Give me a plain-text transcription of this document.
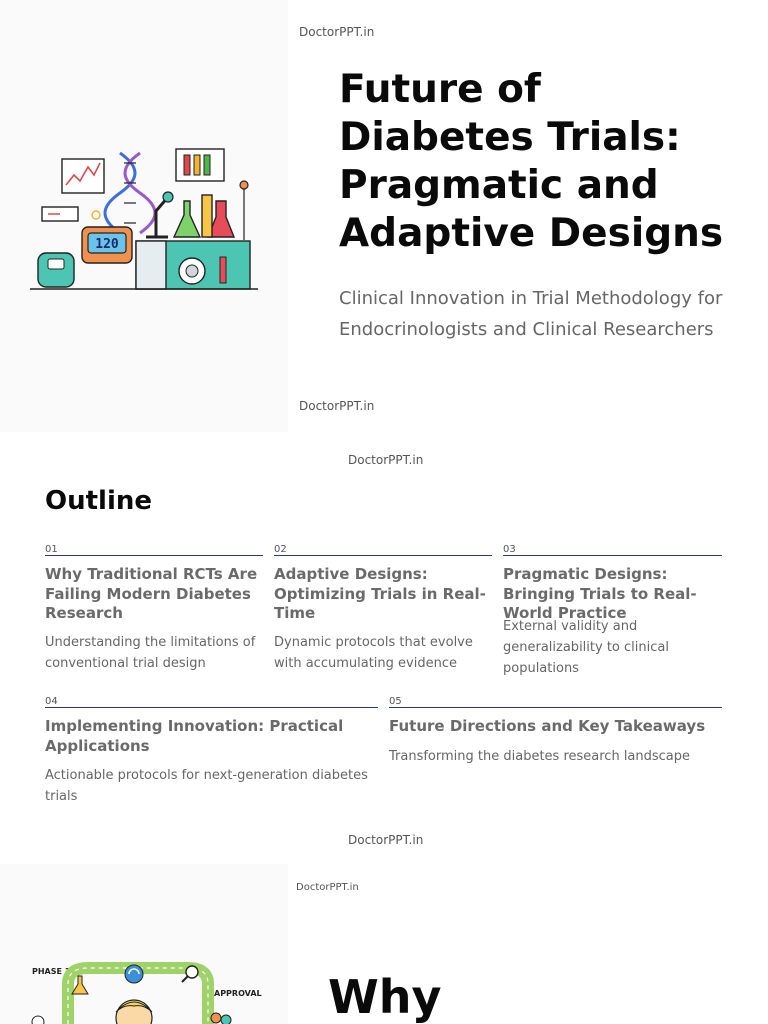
120
DoctorPPT.in
Future of Diabetes Trials: Pragmatic and Adaptive Designs

Clinical Innovation in Trial Methodology for Endocrinologists and Clinical Researchers

DoctorPPT.in
DoctorPPT.in
Outline
01
Why Traditional RCTs Are Failing Modern Diabetes Research
Understanding the limitations of conventional trial design
02
Adaptive Designs: Optimizing Trials in Real-Time
Dynamic protocols that evolve with accumulating evidence
03
Pragmatic Designs: Bringing Trials to Real-World Practice
External validity and generalizability to clinical populations
04
Implementing Innovation: Practical Applications
Actionable protocols for next-generation diabetes trials
05
Future Directions and Key Takeaways
Transforming the diabetes research landscape
DoctorPPT.in
PHASE 1
APPROVAL
DoctorPPT.in
Why
